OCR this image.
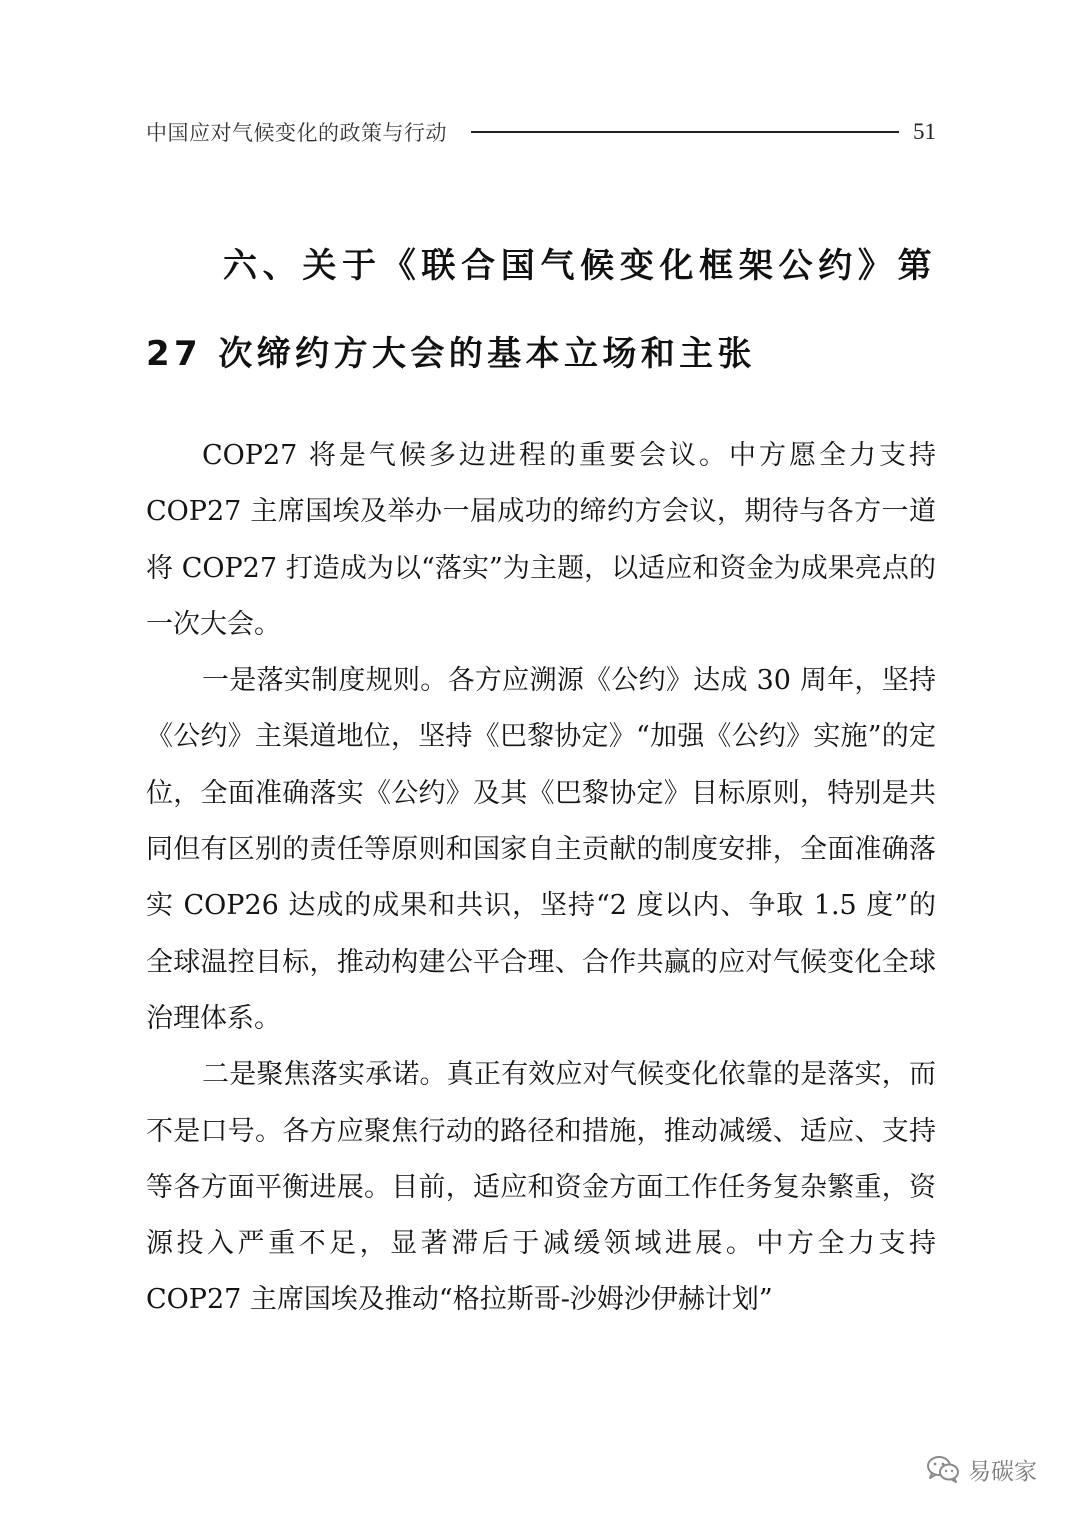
中国应对气候变化的政策与行动	51
六、关于《联合国气候变化框架公约》第 27 次缔约方大会的基本立场和主张

COP27 将是气候多边进程的重要会议。中方愿全力支持 COP27 主席国埃及举办一届成功的缔约方会议，期待与各方一道将 COP27 打造成为以“落实”为主题，以适应和资金为成果亮点的一次大会。

一是落实制度规则。各方应溯源《公约》达成 30 周年，坚持《公约》主渠道地位，坚持《巴黎协定》“加强《公约》实施”的定位，全面准确落实《公约》及其《巴黎协定》目标原则，特别是共同但有区别的责任等原则和国家自主贡献的制度安排，全面准确落实 COP26 达成的成果和共识，坚持“2 度以内、争取 1.5 度”的全球温控目标，推动构建公平合理、合作共赢的应对气候变化全球治理体系。

二是聚焦落实承诺。真正有效应对气候变化依靠的是落实，而不是口号。各方应聚焦行动的路径和措施，推动减缓、适应、支持等各方面平衡进展。目前，适应和资金方面工作任务复杂繁重，资源投入严重不足，显著滞后于减缓领域进展。中方全力支持 COP27 主席国埃及推动“格拉斯哥-沙姆沙伊赫计划”

易碳家
